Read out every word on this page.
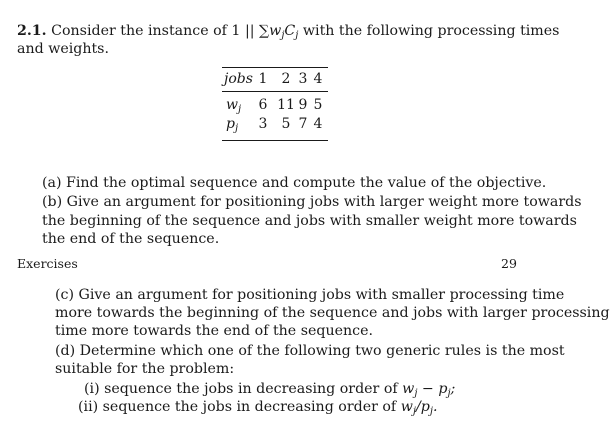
2.1. Consider the instance of 1 || $\sum w_jC_j$ with the following processing times
and weights.
jobs 1 2 3 4
$w_j$ 6 11 9 5
$p_j$ 3 5 7 4
(a) Find the optimal sequence and compute the value of the objective.
(b) Give an argument for positioning jobs with larger weight more towards
the beginning of the sequence and jobs with smaller weight more towards
the end of the sequence.
Exercises	29
(c) Give an argument for positioning jobs with smaller processing time
more towards the beginning of the sequence and jobs with larger processing
time more towards the end of the sequence.
(d) Determine which one of the following two generic rules is the most
suitable for the problem:
(i) sequence the jobs in decreasing order of $w_j - p_j$;
(ii) sequence the jobs in decreasing order of $w_j/p_j$.
